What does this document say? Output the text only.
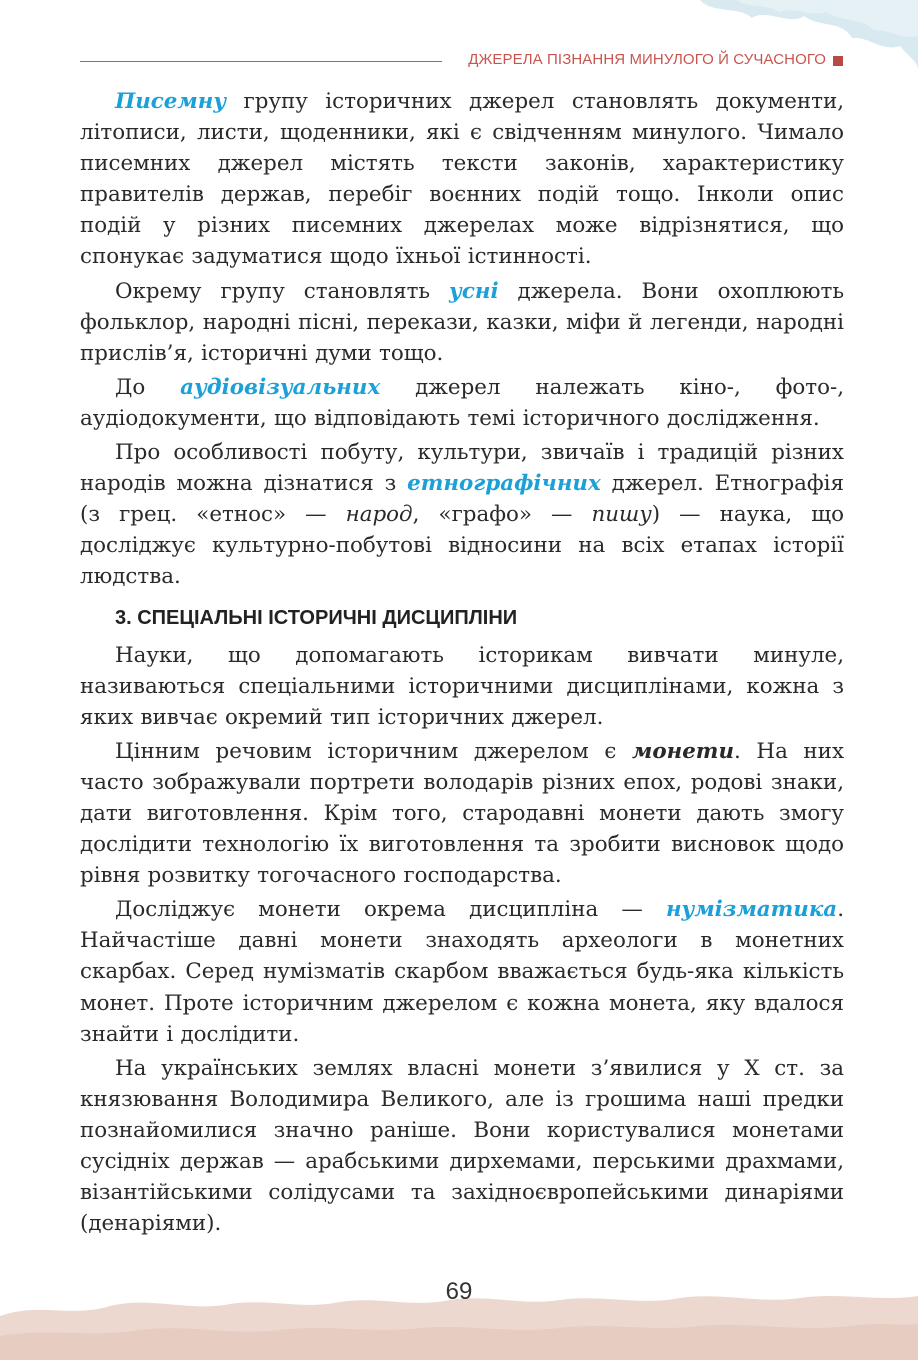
ДЖЕРЕЛА ПІЗНАННЯ МИНУЛОГО Й СУЧАСНОГО

Писемну групу історичних джерел становлять документи, літописи, листи, щоденники, які є свідченням минулого. Чимало писемних джерел містять тексти законів, характеристику правителів держав, перебіг воєнних подій тощо. Інколи опис подій у різних писемних джерелах може відрізнятися, що спонукає задуматися щодо їхньої істинності.

Окрему групу становлять усні джерела. Вони охоплюють фольклор, народні пісні, перекази, казки, міфи й легенди, народні прислів’я, історичні думи тощо.

До аудіовізуальних джерел належать кіно-, фото-, аудіодокументи, що відповідають темі історичного дослідження.

Про особливості побуту, культури, звичаїв і традицій різних народів можна дізнатися з етнографічних джерел. Етнографія (з грец. «етнос» — народ, «графо» — пишу) — наука, що досліджує культурно-побутові відносини на всіх етапах історії людства.

3. СПЕЦІАЛЬНІ ІСТОРИЧНІ ДИСЦИПЛІНИ

Науки, що допомагають історикам вивчати минуле, називаються спеціальними історичними дисциплінами, кожна з яких вивчає окремий тип історичних джерел.

Цінним речовим історичним джерелом є монети. На них часто зображували портрети володарів різних епох, родові знаки, дати виготовлення. Крім того, стародавні монети дають змогу дослідити технологію їх виготовлення та зробити висновок щодо рівня розвитку тогочасного господарства.

Досліджує монети окрема дисципліна — нумізматика. Найчастіше давні монети знаходять археологи в монетних скарбах. Серед нумізматів скарбом вважається будь-яка кількість монет. Проте історичним джерелом є кожна монета, яку вдалося знайти і дослідити.

На українських землях власні монети з’явилися у X ст. за князювання Володимира Великого, але із грошима наші предки познайомилися значно раніше. Вони користувалися монетами сусідніх держав — арабськими дирхемами, перськими драхмами, візантійськими солідусами та західноєвропейськими динаріями (денаріями).

69
